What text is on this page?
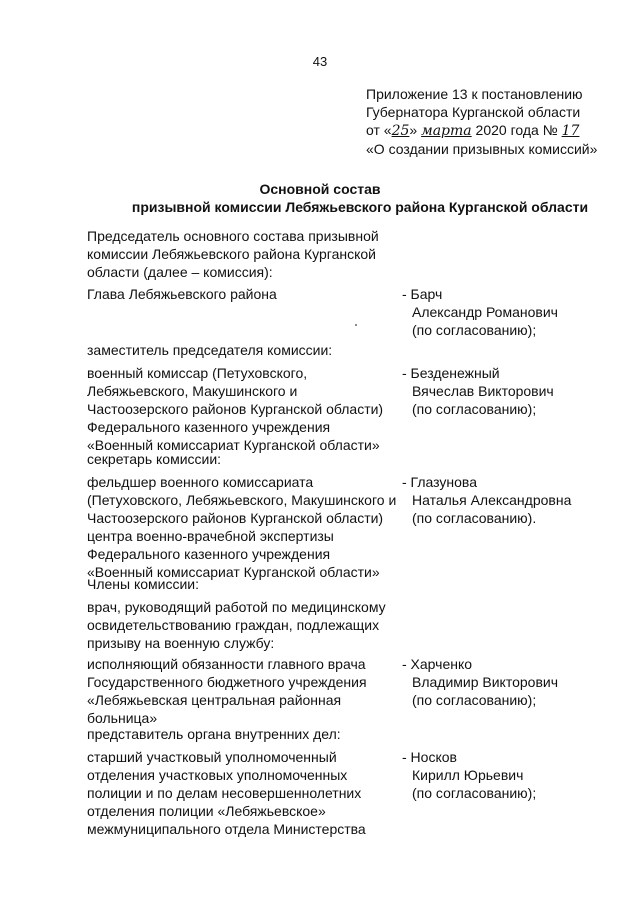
43
Приложение 13 к постановлению
Губернатора Курганской области
от «25» марта 2020 года № 17
«О создании призывных комиссий»
Основной состав
призывной комиссии Лебяжьевского района Курганской области
Председатель основного состава призывной комиссии Лебяжьевского района Курганской области (далее – комиссия):
Глава Лебяжьевского района	- Барч
Александр Романович
(по согласованию);
заместитель председателя комиссии:
военный комиссар (Петуховского, Лебяжьевского, Макушинского и Частоозерского районов Курганской области) Федерального казенного учреждения «Военный комиссариат Курганской области»
- Безденежный
Вячеслав Викторович
(по согласованию);
секретарь комиссии:
фельдшер военного комиссариата (Петуховского, Лебяжьевского, Макушинского и Частоозерского районов Курганской области) центра военно-врачебной экспертизы Федерального казенного учреждения «Военный комиссариат Курганской области»
- Глазунова
Наталья Александровна
(по согласованию).
Члены комиссии:
врач, руководящий работой по медицинскому освидетельствованию граждан, подлежащих призыву на военную службу:
исполняющий обязанности главного врача Государственного бюджетного учреждения «Лебяжьевская центральная районная больница»
- Харченко
Владимир Викторович
(по согласованию);
представитель органа внутренних дел:
старший участковый уполномоченный отделения участковых уполномоченных полиции и по делам несовершеннолетних отделения полиции «Лебяжьевское» межмуниципального отдела Министерства
- Носков
Кирилл Юрьевич
(по согласованию);
